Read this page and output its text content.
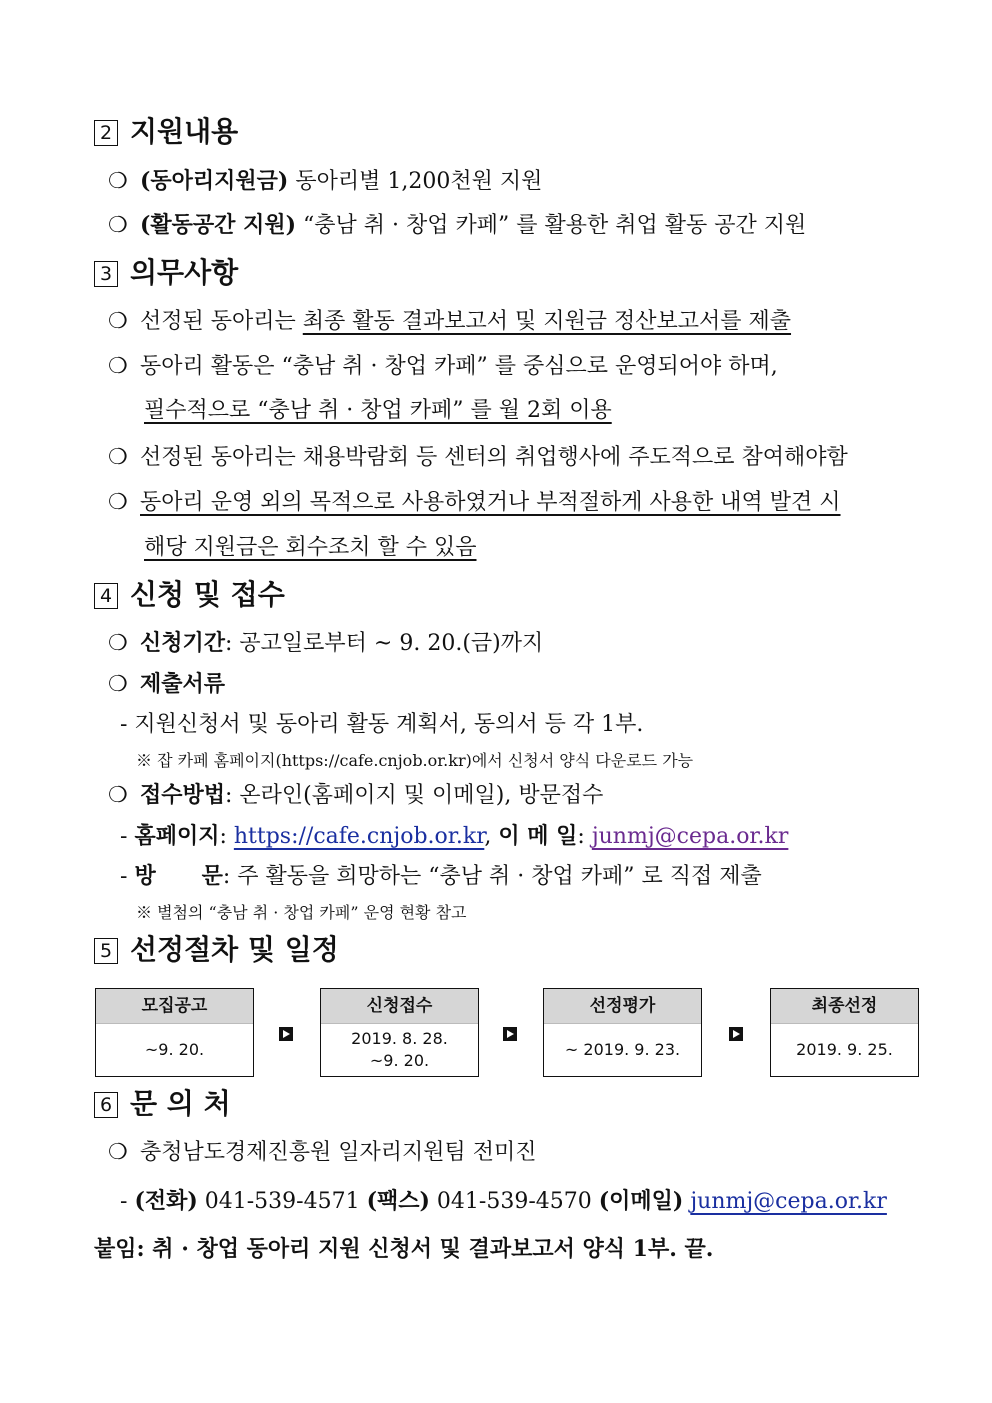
2 지원내용
❍ (동아리지원금) 동아리별 1,200천원 지원
❍ (활동공간 지원) “충남 취 · 창업 카페” 를 활용한 취업 활동 공간 지원
3 의무사항
❍ 선정된 동아리는 최종 활동 결과보고서 및 지원금 정산보고서를 제출
❍ 동아리 활동은 “충남 취 · 창업 카페” 를 중심으로 운영되어야 하며,
필수적으로 “충남 취 · 창업 카페” 를 월 2회 이용
❍ 선정된 동아리는 채용박람회 등 센터의 취업행사에 주도적으로 참여해야함
❍ 동아리 운영 외의 목적으로 사용하였거나 부적절하게 사용한 내역 발견 시
해당 지원금은 회수조치 할 수 있음
4 신청 및 접수
❍ 신청기간: 공고일로부터 ~ 9. 20.(금)까지
❍ 제출서류
- 지원신청서 및 동아리 활동 계획서, 동의서 등 각 1부.
※ 잡 카페 홈페이지(https://cafe.cnjob.or.kr)에서 신청서 양식 다운로드 가능
❍ 접수방법: 온라인(홈페이지 및 이메일), 방문접수
- 홈페이지: https://cafe.cnjob.or.kr, 이 메 일: junmj@cepa.or.kr
- 방      문: 주 활동을 희망하는 “충남 취 · 창업 카페” 로 직접 제출
※ 별첨의 “충남 취 · 창업 카페” 운영 현황 참고
5 선정절차 및 일정
모집공고
~9. 20.
신청접수
2019. 8. 28.
~9. 20.
선정평가
~ 2019. 9. 23.
최종선정
2019. 9. 25.
6 문 의 처
❍ 충청남도경제진흥원 일자리지원팀 전미진
- (전화) 041-539-4571 (팩스) 041-539-4570 (이메일) junmj@cepa.or.kr
붙임: 취 · 창업 동아리 지원 신청서 및 결과보고서 양식 1부. 끝.
